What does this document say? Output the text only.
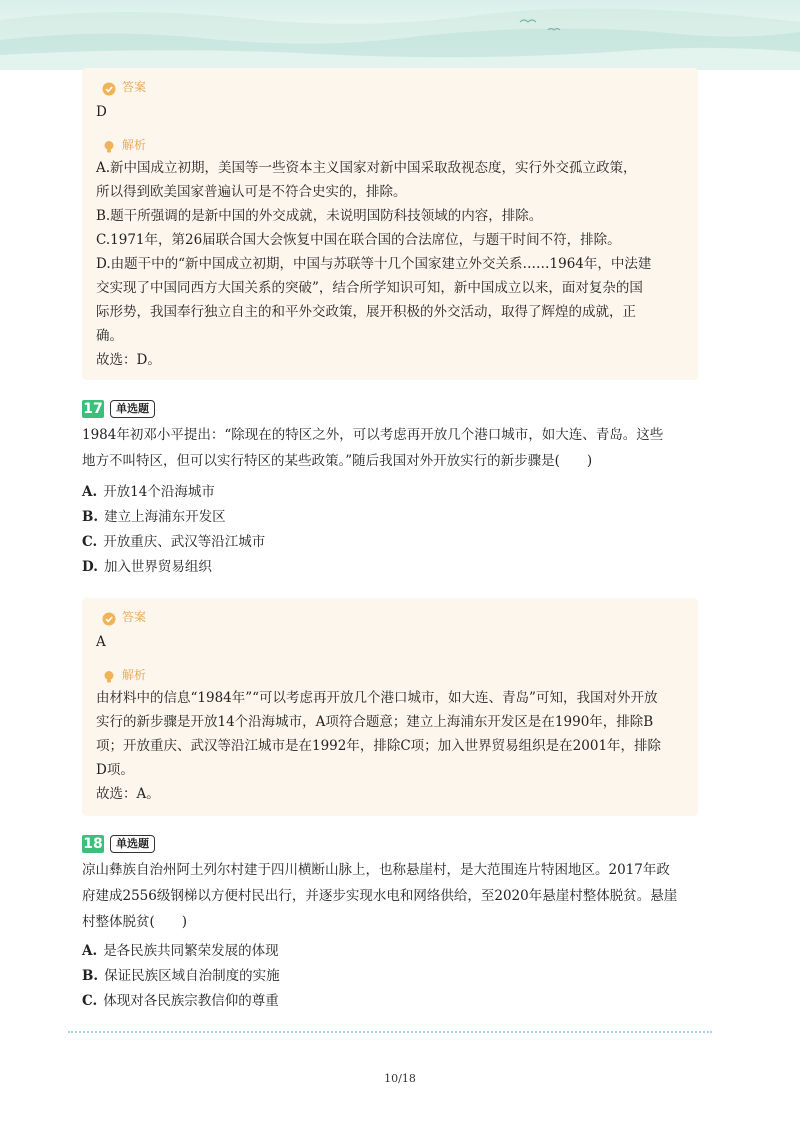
答案
D
解析

A.新中国成立初期，美国等一些资本主义国家对新中国采取敌视态度，实行外交孤立政策，

所以得到欧美国家普遍认可是不符合史实的，排除。

B.题干所强调的是新中国的外交成就，未说明国防科技领域的内容，排除。

C.1971年，第26届联合国大会恢复中国在联合国的合法席位，与题干时间不符，排除。

D.由题干中的“新中国成立初期，中国与苏联等十几个国家建立外交关系……1964年，中法建

交实现了中国同西方大国关系的突破”，结合所学知识可知，新中国成立以来，面对复杂的国

际形势，我国奉行独立自主的和平外交政策，展开积极的外交活动，取得了辉煌的成就，正

确。

故选：D。

17	单选题

1984年初邓小平提出：“除现在的特区之外，可以考虑再开放几个港口城市，如大连、青岛。这些

地方不叫特区，但可以实行特区的某些政策。”随后我国对外开放实行的新步骤是(　　)

A. 开放14个沿海城市

B. 建立上海浦东开发区

C. 开放重庆、武汉等沿江城市

D. 加入世界贸易组织

答案
A
解析

由材料中的信息“1984年”“可以考虑再开放几个港口城市，如大连、青岛”可知，我国对外开放

实行的新步骤是开放14个沿海城市，A项符合题意；建立上海浦东开发区是在1990年，排除B

项；开放重庆、武汉等沿江城市是在1992年，排除C项；加入世界贸易组织是在2001年，排除

D项。

故选：A。

18	单选题

凉山彝族自治州阿土列尔村建于四川横断山脉上，也称悬崖村，是大范围连片特困地区。2017年政

府建成2556级钢梯以方便村民出行，并逐步实现水电和网络供给，至2020年悬崖村整体脱贫。悬崖

村整体脱贫(　　)

A. 是各民族共同繁荣发展的体现

B. 保证民族区域自治制度的实施

C. 体现对各民族宗教信仰的尊重

10/18
